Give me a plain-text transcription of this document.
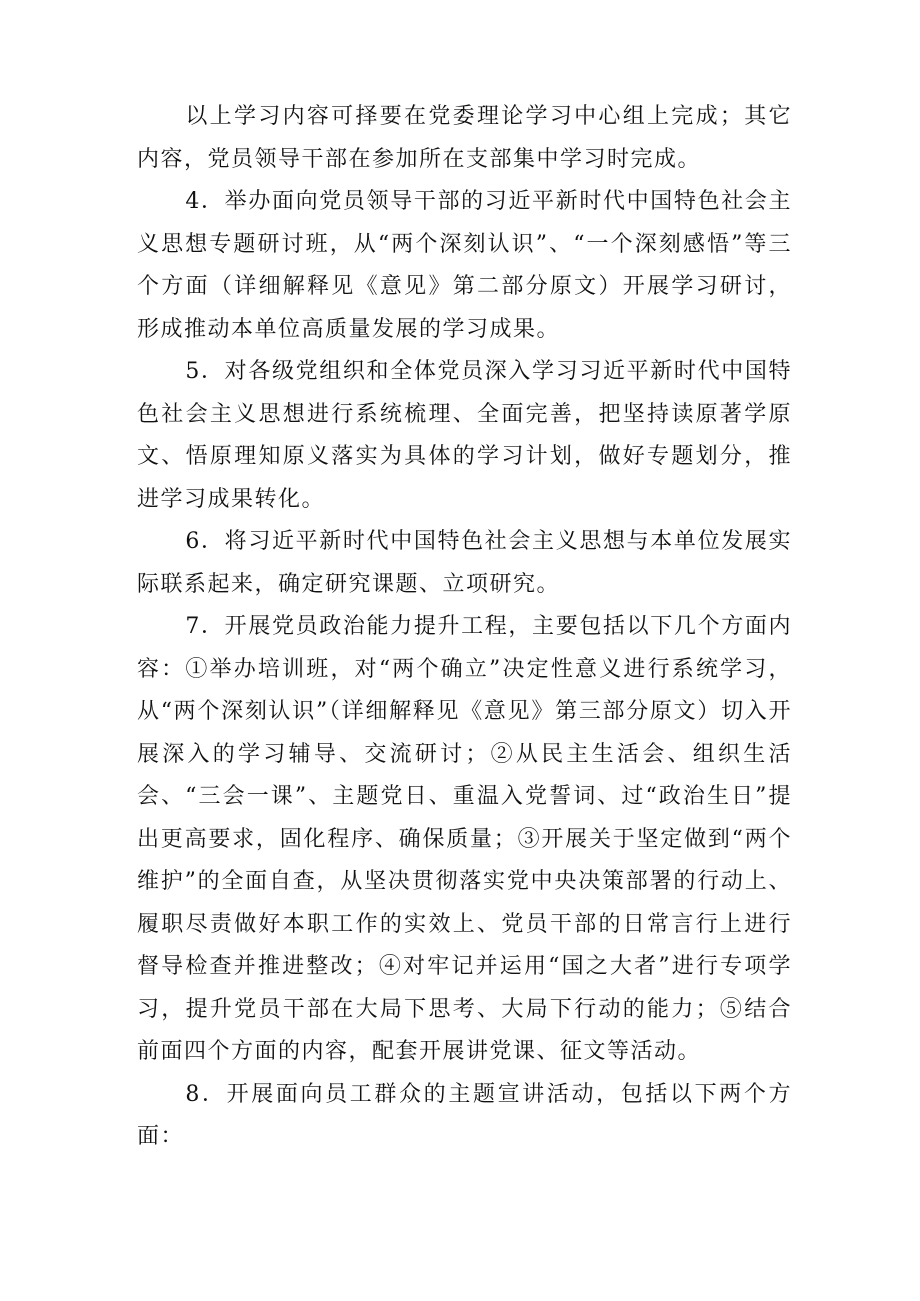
以上学习内容可择要在党委理论学习中心组上完成；其它内容，党员领导干部在参加所在支部集中学习时完成。

4．举办面向党员领导干部的习近平新时代中国特色社会主义思想专题研讨班，从“两个深刻认识”、“一个深刻感悟”等三个方面（详细解释见《意见》第二部分原文）开展学习研讨，形成推动本单位高质量发展的学习成果。

5．对各级党组织和全体党员深入学习习近平新时代中国特色社会主义思想进行系统梳理、全面完善，把坚持读原著学原文、悟原理知原义落实为具体的学习计划，做好专题划分，推进学习成果转化。

6．将习近平新时代中国特色社会主义思想与本单位发展实际联系起来，确定研究课题、立项研究。

7．开展党员政治能力提升工程，主要包括以下几个方面内容：①举办培训班，对“两个确立”决定性意义进行系统学习，从“两个深刻认识”（详细解释见《意见》第三部分原文）切入开展深入的学习辅导、交流研讨；②从民主生活会、组织生活会、“三会一课”、主题党日、重温入党誓词、过“政治生日”提出更高要求，固化程序、确保质量；③开展关于坚定做到“两个维护”的全面自查，从坚决贯彻落实党中央决策部署的行动上、履职尽责做好本职工作的实效上、党员干部的日常言行上进行督导检查并推进整改；④对牢记并运用“国之大者”进行专项学习，提升党员干部在大局下思考、大局下行动的能力；⑤结合前面四个方面的内容，配套开展讲党课、征文等活动。

8．开展面向员工群众的主题宣讲活动，包括以下两个方面：
